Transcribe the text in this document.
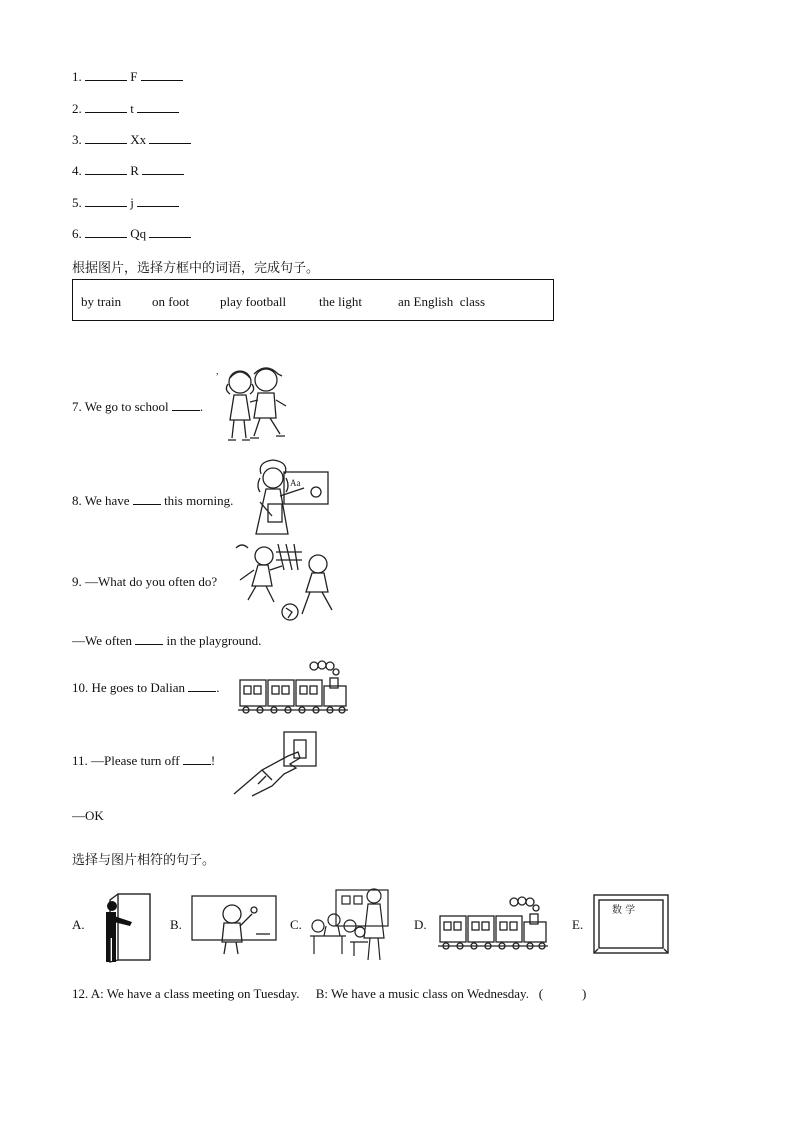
1.	F
2.	t
3.	Xx
4.	R
5.	j
6.	Qq
根据图片，选择方框中的词语，完成句子。
by train on foot play football	the light	an English  class
7. We go to school .
,
8. We have	this morning.
Aa
9. —What do you often do?
—We often	in the playground.
10. He goes to Dalian .
11. —Please turn off !
—OK
选择与图片相符的句子。
A.	B.	C.	D.	E.
数 学
12. A: We have a class meeting on Tuesday.     B: We have a music class on Wednesday. (            )
